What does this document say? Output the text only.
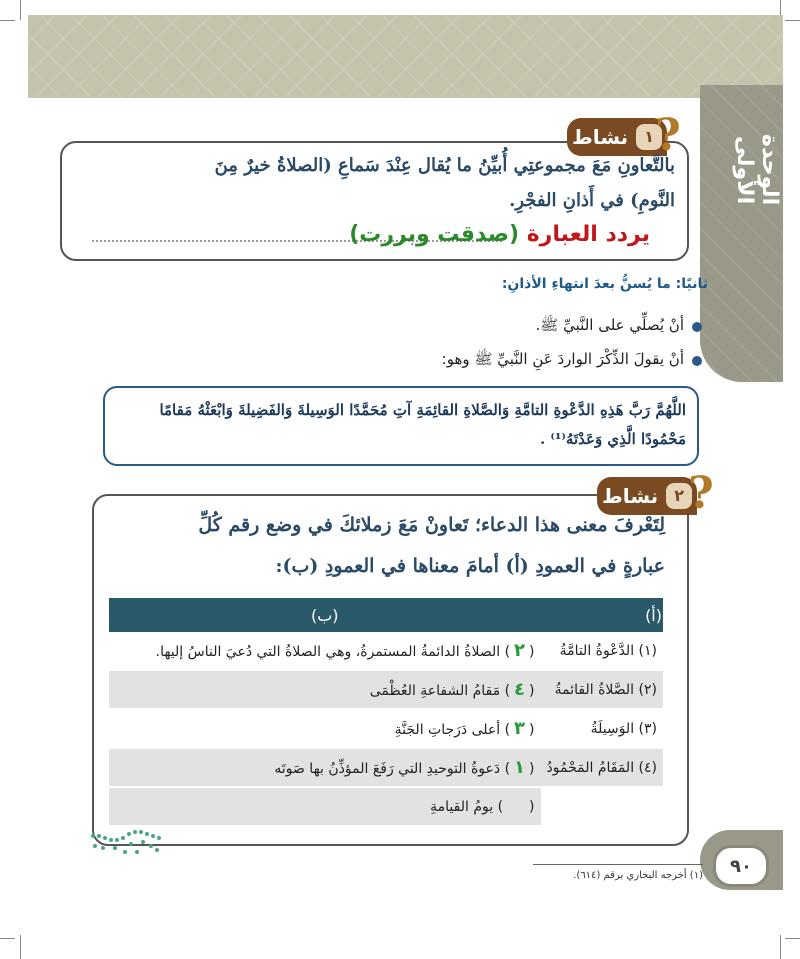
الوحدة الأولى
نشاط	١ ?
بالتَّعاونِ مَعَ مجموعتِي أُبيِّنُ ما يُقال عِنْدَ سَماعِ (الصلاةُ خيرٌ مِنَ
النَّومِ) في أَذانِ الفجْرِ.
يردد العبارة (صدقت وبررت)
ثانيًا: ما يُسنُّ بعدَ انتهاءِ الأذانِ:
أنْ يُصلِّي على النَّبيِّ ﷺ.
أنْ يقولَ الذِّكْرَ الواردَ عَنِ النَّبيِّ ﷺ وهو:
اللَّهُمَّ رَبَّ هَذِهِ الدَّعْوةِ التامَّةِ وَالصَّلاةِ القائِمَةِ آتِ مُحَمَّدًا الوَسِيلةَ وَالفَضِيلةَ وَابْعَثْهُ مَقامًا
مَحْمُودًا الَّذِي وَعَدْتَهُ⁽¹⁾ .
نشاط	٢ ?
لِتَعْرفَ معنى هذا الدعاء؛ تَعاونْ مَعَ زملائكَ في وضع رقم كُلِّ
عبارةٍ في العمودِ (أ) أمامَ معناها في العمودِ (ب):
(أ)	(ب)
(١) الدَّعْوةُ التامَّةُ	(٢) الصلاةُ الدائمةُ المستمرةُ، وهي الصلاةُ التي دُعيَ الناسُ إليها.
(٢) الصَّلاةُ القائمةُ	(٤) مَقامُ الشفاعةِ العُظْمَى
(٣) الوَسِيلَةُ	(٣) أعلى دَرَجاتِ الجَنَّةِ
(٤) المَقَامُ المَحْمُودُ	(١) دَعوةُ التوحيدِ التي رَفَعَ المؤذِّنُ بها صَوتَه
	() يومُ القيامةِ
٩٠
(١) أخرجه البخاري برقم (٦١٤).
